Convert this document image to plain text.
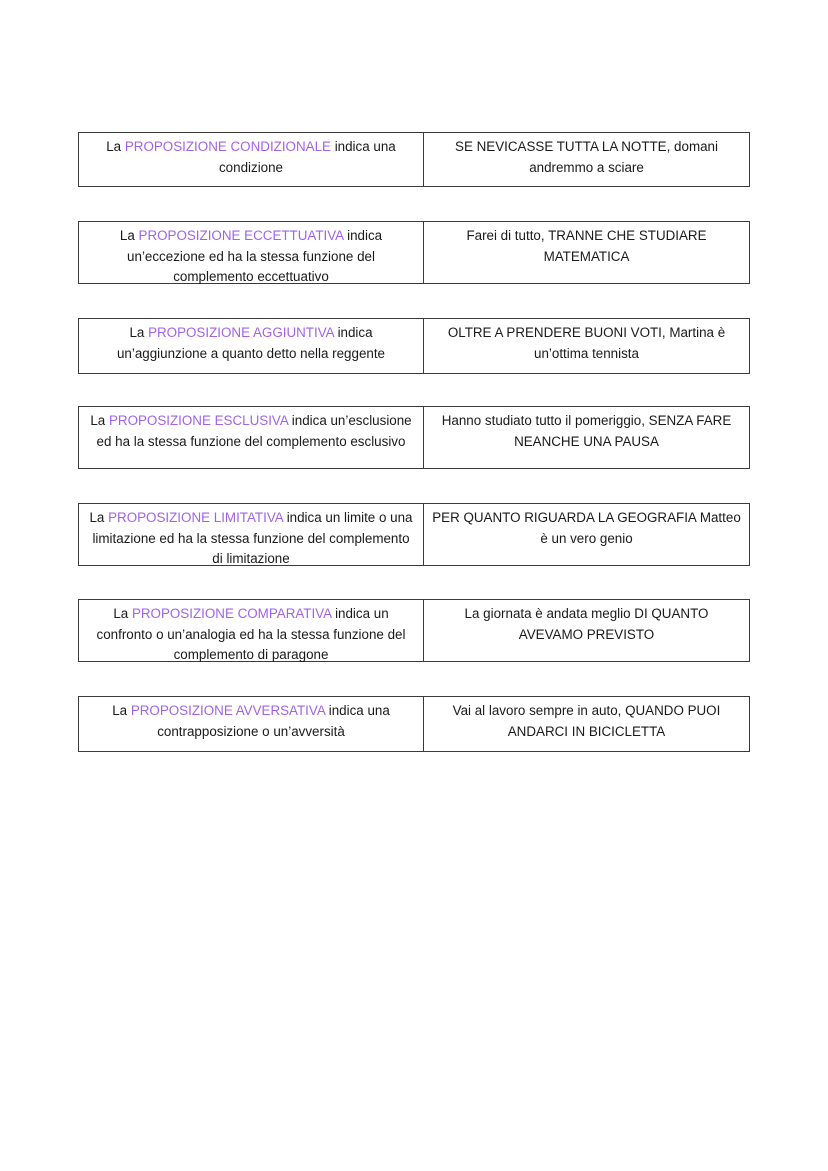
La PROPOSIZIONE CONDIZIONALE indica una condizione
SE NEVICASSE TUTTA LA NOTTE, domani andremmo a sciare
La PROPOSIZIONE ECCETTUATIVA indica un’eccezione ed ha la stessa funzione del complemento eccettuativo
Farei di tutto, TRANNE CHE STUDIARE MATEMATICA
La PROPOSIZIONE AGGIUNTIVA indica un’aggiunzione a quanto detto nella reggente
OLTRE A PRENDERE BUONI VOTI, Martina è un’ottima tennista
La PROPOSIZIONE ESCLUSIVA indica un’esclusione ed ha la stessa funzione del complemento esclusivo
Hanno studiato tutto il pomeriggio, SENZA FARE NEANCHE UNA PAUSA
La PROPOSIZIONE LIMITATIVA indica un limite o una limitazione ed ha la stessa funzione del complemento di limitazione
PER QUANTO RIGUARDA LA GEOGRAFIA Matteo è un vero genio
La PROPOSIZIONE COMPARATIVA indica un confronto o un’analogia ed ha la stessa funzione del complemento di paragone
La giornata è andata meglio DI QUANTO AVEVAMO PREVISTO
La PROPOSIZIONE AVVERSATIVA indica una contrapposizione o un’avversità
Vai al lavoro sempre in auto, QUANDO PUOI ANDARCI IN BICICLETTA
